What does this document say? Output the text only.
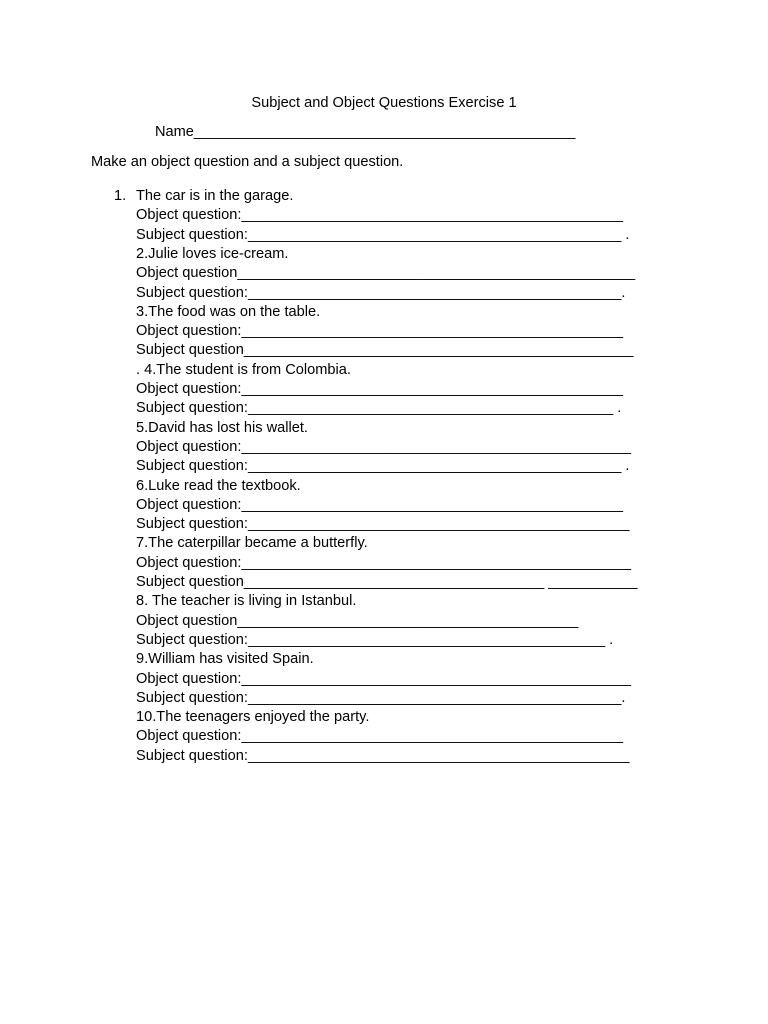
Subject and Object Questions Exercise 1
Name_______________________________________________
Make an object question and a subject question.
1. The car is in the garage.
Object question:_______________________________________________
Subject question:______________________________________________ .
2.Julie loves ice-cream.
Object question_________________________________________________
Subject question:______________________________________________.
3.The food was on the table.
Object question:_______________________________________________
Subject question________________________________________________
. 4.The student is from Colombia.
Object question:_______________________________________________
Subject question:_____________________________________________ .
5.David has lost his wallet.
Object question:________________________________________________
Subject question:______________________________________________ .
6.Luke read the textbook.
Object question:_______________________________________________
Subject question:_______________________________________________
7.The caterpillar became a butterfly.
Object question:________________________________________________
Subject question_____________________________________ ___________
8. The teacher is living in Istanbul.
Object question__________________________________________
Subject question:____________________________________________ .
9.William has visited Spain.
Object question:________________________________________________
Subject question:______________________________________________.
10.The teenagers enjoyed the party.
Object question:_______________________________________________
Subject question:_______________________________________________
